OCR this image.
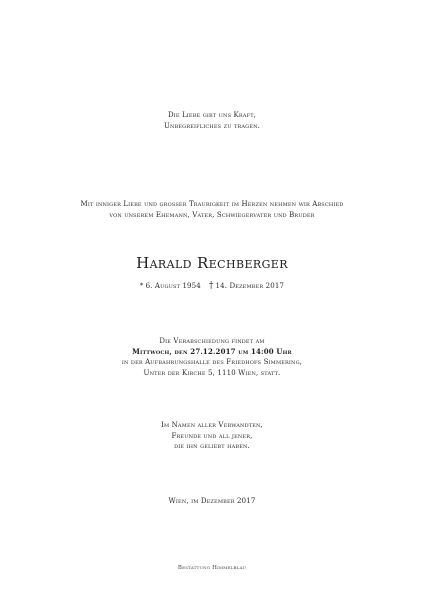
Die Liebe gibt uns Kraft,
Unbegreifliches zu tragen.
Mit inniger Liebe und grosser Traurigkeit im Herzen nehmen wir Abschied
von unserem Ehemann, Vater, Schwiegervater und Bruder
Harald Rechberger
* 6. August 1954 † 14. Dezember 2017
Die Verabschiedung findet am
Mittwoch, den 27.12.2017 um 14:00 Uhr
in der Aufbahrungshalle des Friedhofs Simmering,
Unter der Kirche 5, 1110 Wien, statt.
Im Namen aller Verwandten,
Freunde und all jener,
die ihn geliebt haben.
Wien, im Dezember 2017
Bestattung Himmelblau
